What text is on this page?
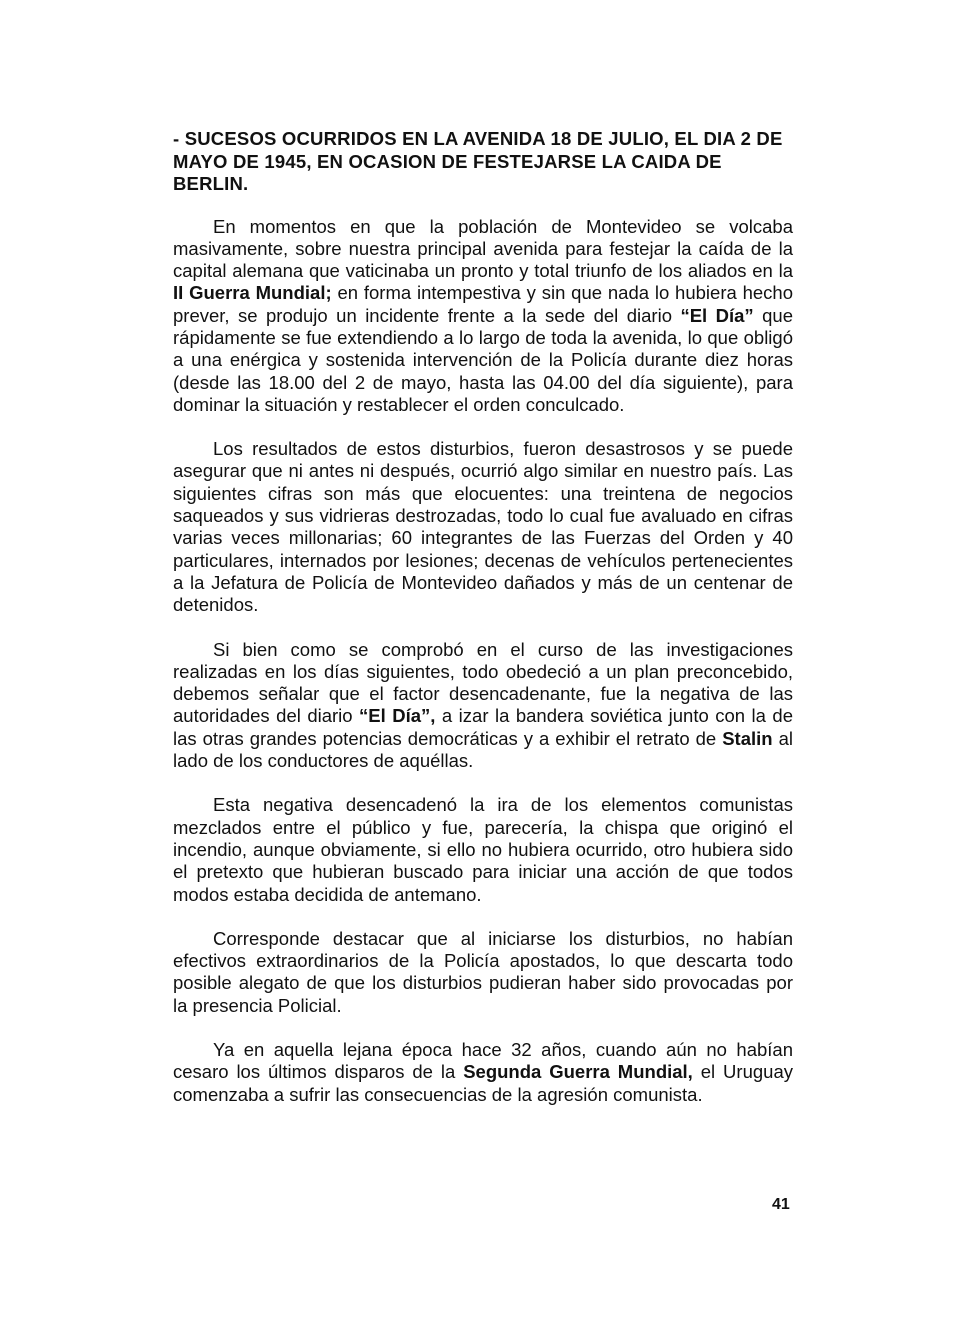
- SUCESOS OCURRIDOS EN LA AVENIDA 18 DE JULIO, EL DIA 2 DE MAYO DE 1945, EN OCASION DE FESTEJARSE LA CAIDA DE BERLIN.

En momentos en que la población de Montevideo se volcaba masivamente, sobre nuestra principal avenida para festejar la caída de la capital alemana que vaticinaba un pronto y total triunfo de los aliados en la II Guerra Mundial; en forma intempestiva y sin que nada lo hubiera hecho prever, se produjo un incidente frente a la sede del diario “El Día” que rápidamente se fue extendiendo a lo largo de toda la avenida, lo que obligó a una enérgica y sostenida intervención de la Policía durante diez horas (desde las 18.00 del 2 de mayo, hasta las 04.00 del día siguiente), para dominar la situación y restablecer el orden conculcado.

Los resultados de estos disturbios, fueron desastrosos y se puede asegurar que ni antes ni después, ocurrió algo similar en nuestro país. Las siguientes cifras son más que elocuentes: una treintena de negocios saqueados y sus vidrieras destrozadas, todo lo cual fue avaluado en cifras varias veces millonarias; 60 integrantes de las Fuerzas del Orden y 40 particulares, internados por lesiones; decenas de vehículos pertenecientes a la Jefatura de Policía de Montevideo dañados y más de un centenar de detenidos.

Si bien como se comprobó en el curso de las investigaciones realizadas en los días siguientes, todo obedeció a un plan preconcebido, debemos señalar que el factor desencadenante, fue la negativa de las autoridades del diario “El Día”, a izar la bandera soviética junto con la de las otras grandes potencias democráticas y a exhibir el retrato de Stalin al lado de los conductores de aquéllas.

Esta negativa desencadenó la ira de los elementos comunistas mezclados entre el público y fue, parecería, la chispa que originó el incendio, aunque obviamente, si ello no hubiera ocurrido, otro hubiera sido el pretexto que hubieran buscado para iniciar una acción de que todos modos estaba decidida de antemano.

Corresponde destacar que al iniciarse los disturbios, no habían efectivos extraordinarios de la Policía apostados, lo que descarta todo posible alegato de que los disturbios pudieran haber sido provocadas por la presencia Policial.

Ya en aquella lejana época hace 32 años, cuando aún no habían cesaro los últimos disparos de la Segunda Guerra Mundial, el Uruguay comenzaba a sufrir las consecuencias de la agresión comunista.

41
